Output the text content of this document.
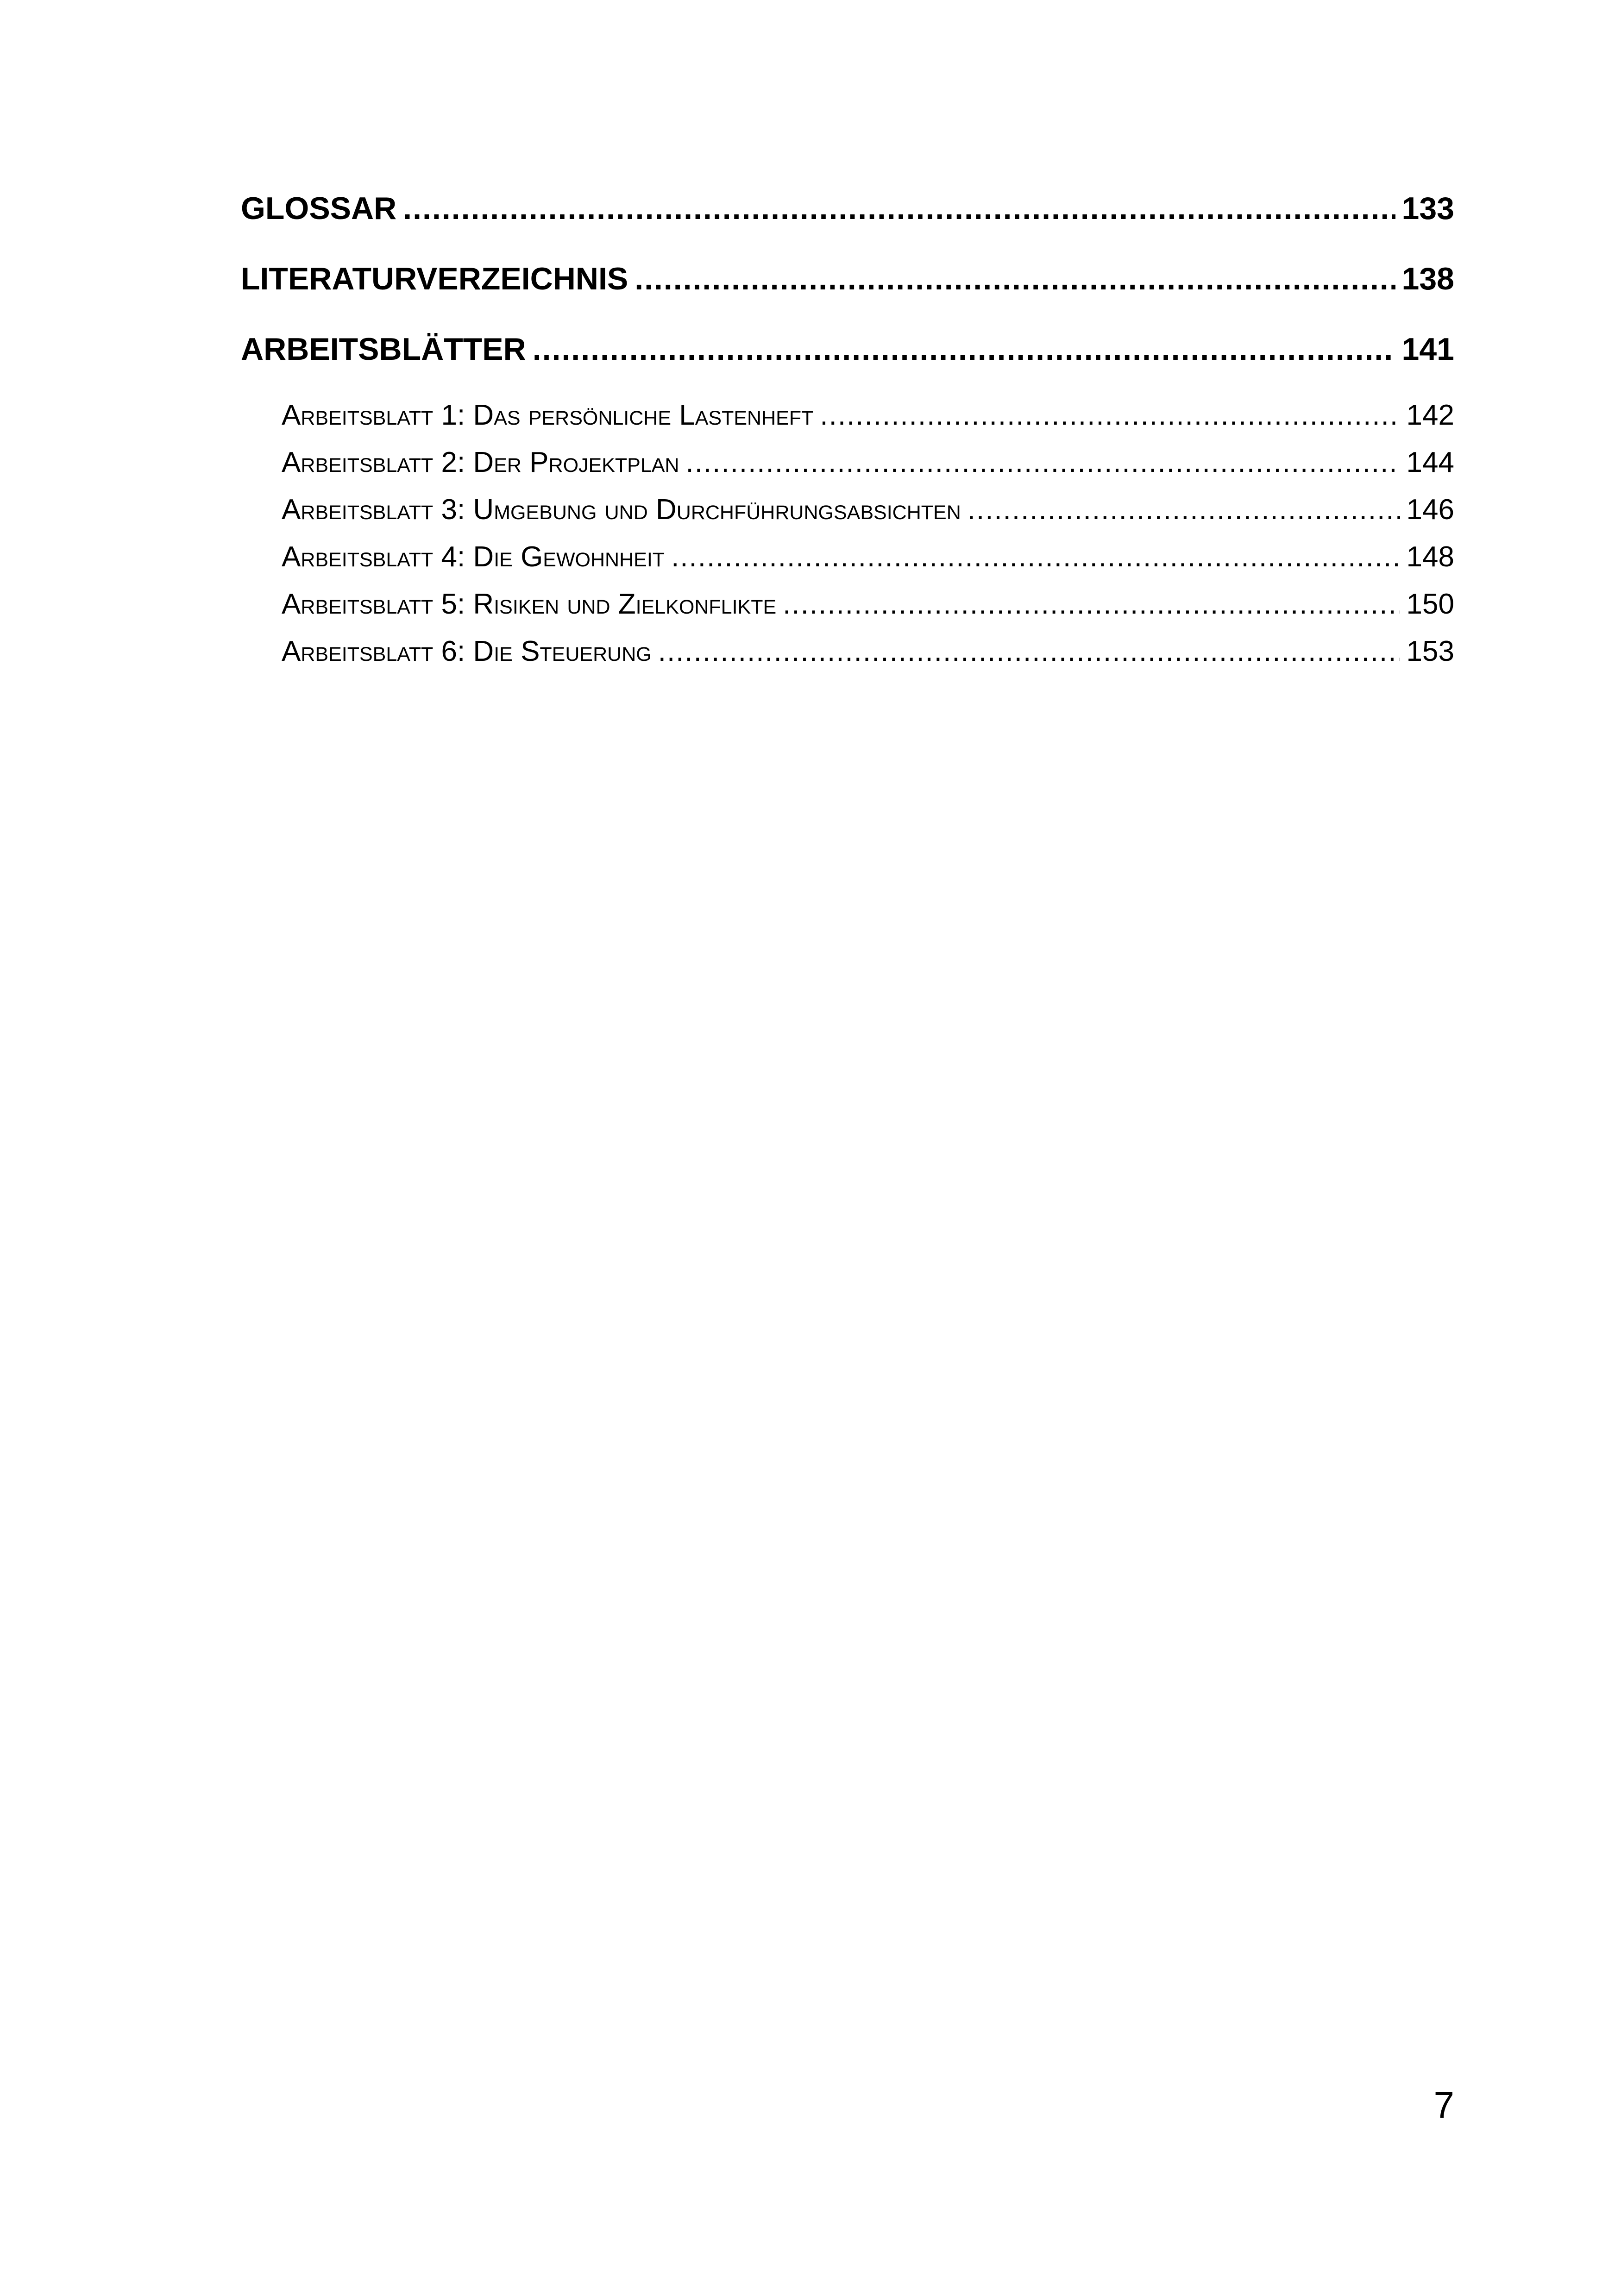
GLOSSAR .....	133
LITERATURVERZEICHNIS .....	138
ARBEITSBLÄTTER .....	141
Arbeitsblatt 1: Das persönliche Lastenheft .....	142
Arbeitsblatt 2: Der Projektplan .....	144
Arbeitsblatt 3: Umgebung und Durchführungsabsichten .....	146
Arbeitsblatt 4: Die Gewohnheit .....	148
Arbeitsblatt 5: Risiken und Zielkonflikte .....	150
Arbeitsblatt 6: Die Steuerung .....	153
7
